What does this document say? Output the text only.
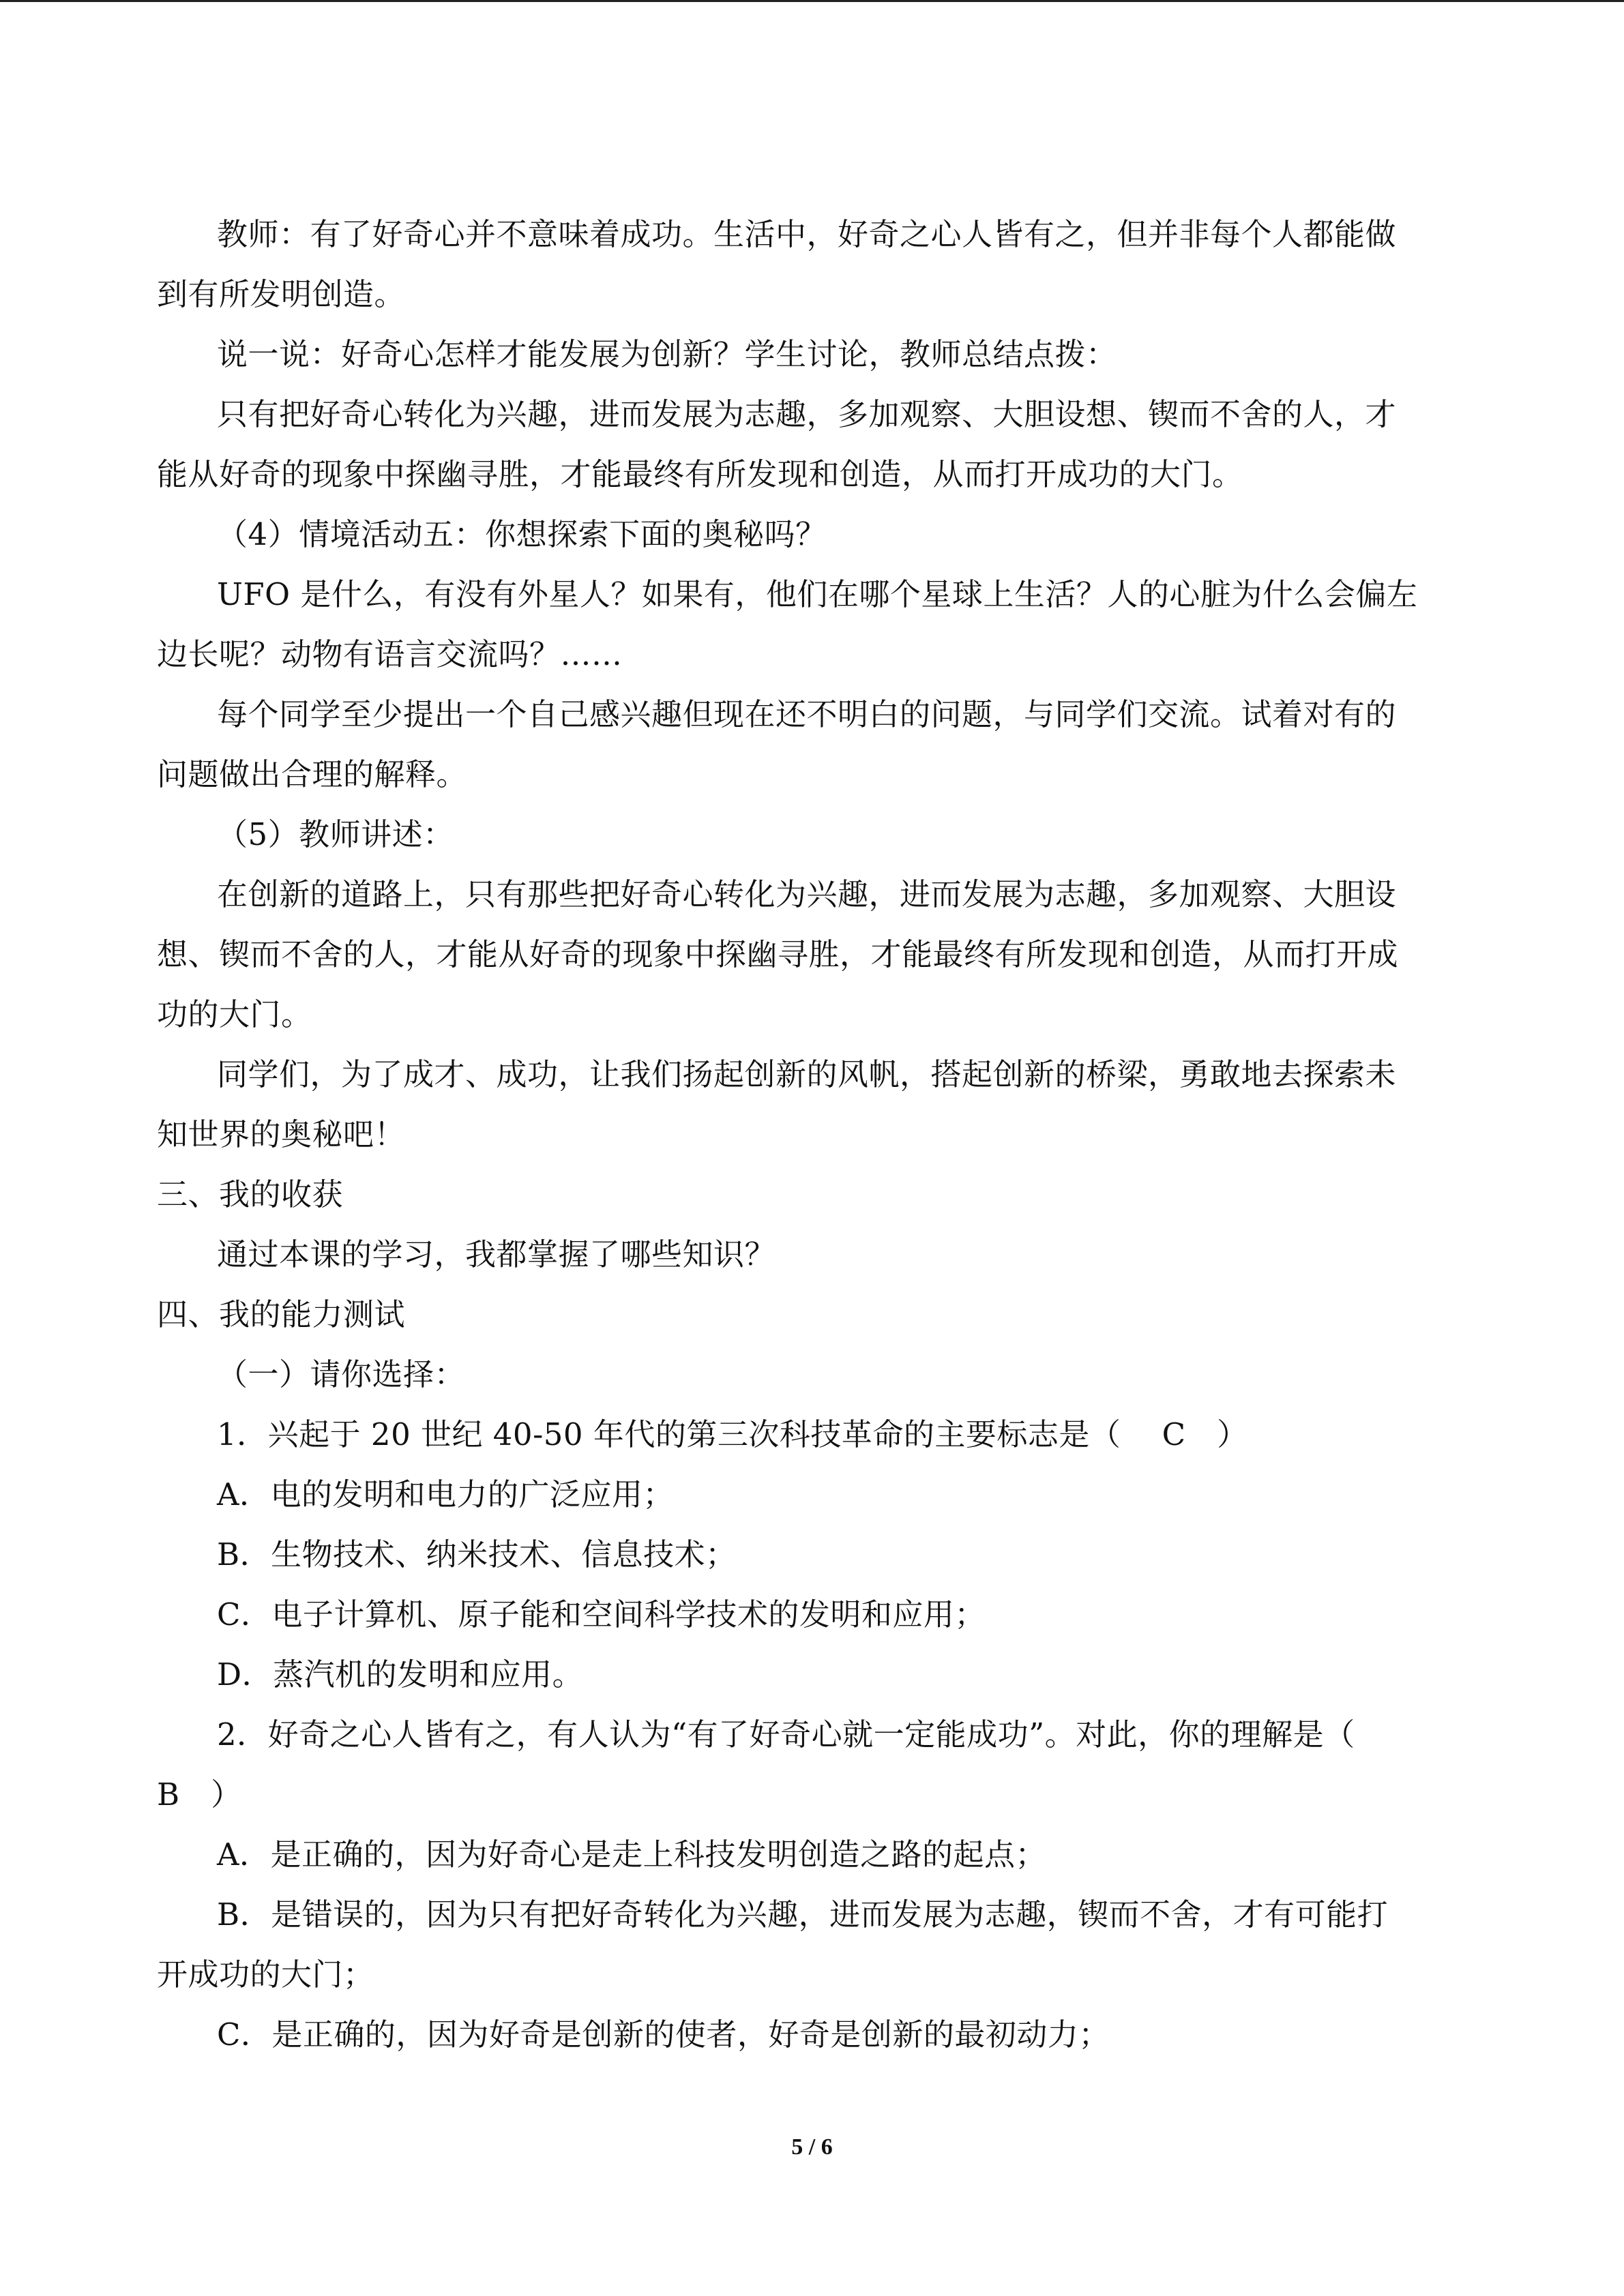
教师：有了好奇心并不意味着成功。生活中，好奇之心人皆有之，但并非每个人都能做
到有所发明创造。
说一说：好奇心怎样才能发展为创新？学生讨论，教师总结点拨：
只有把好奇心转化为兴趣，进而发展为志趣，多加观察、大胆设想、锲而不舍的人，才
能从好奇的现象中探幽寻胜，才能最终有所发现和创造，从而打开成功的大门。
（4）情境活动五：你想探索下面的奥秘吗？
UFO 是什么，有没有外星人？如果有，他们在哪个星球上生活？人的心脏为什么会偏左
边长呢？动物有语言交流吗？……
每个同学至少提出一个自己感兴趣但现在还不明白的问题，与同学们交流。试着对有的
问题做出合理的解释。
（5）教师讲述：
在创新的道路上，只有那些把好奇心转化为兴趣，进而发展为志趣，多加观察、大胆设
想、锲而不舍的人，才能从好奇的现象中探幽寻胜，才能最终有所发现和创造，从而打开成
功的大门。
同学们，为了成才、成功，让我们扬起创新的风帆，搭起创新的桥梁，勇敢地去探索未
知世界的奥秘吧！
三、我的收获
通过本课的学习，我都掌握了哪些知识？
四、我的能力测试
（一）请你选择：
1．兴起于 20 世纪 40-50 年代的第三次科技革命的主要标志是（　 C　）
A．电的发明和电力的广泛应用；
B．生物技术、纳米技术、信息技术；
C．电子计算机、原子能和空间科学技术的发明和应用；
D．蒸汽机的发明和应用。
2．好奇之心人皆有之，有人认为“有了好奇心就一定能成功”。对此，你的理解是（
B　）
A．是正确的，因为好奇心是走上科技发明创造之路的起点；
B．是错误的，因为只有把好奇转化为兴趣，进而发展为志趣，锲而不舍，才有可能打
开成功的大门；
C．是正确的，因为好奇是创新的使者，好奇是创新的最初动力；
5 / 6
